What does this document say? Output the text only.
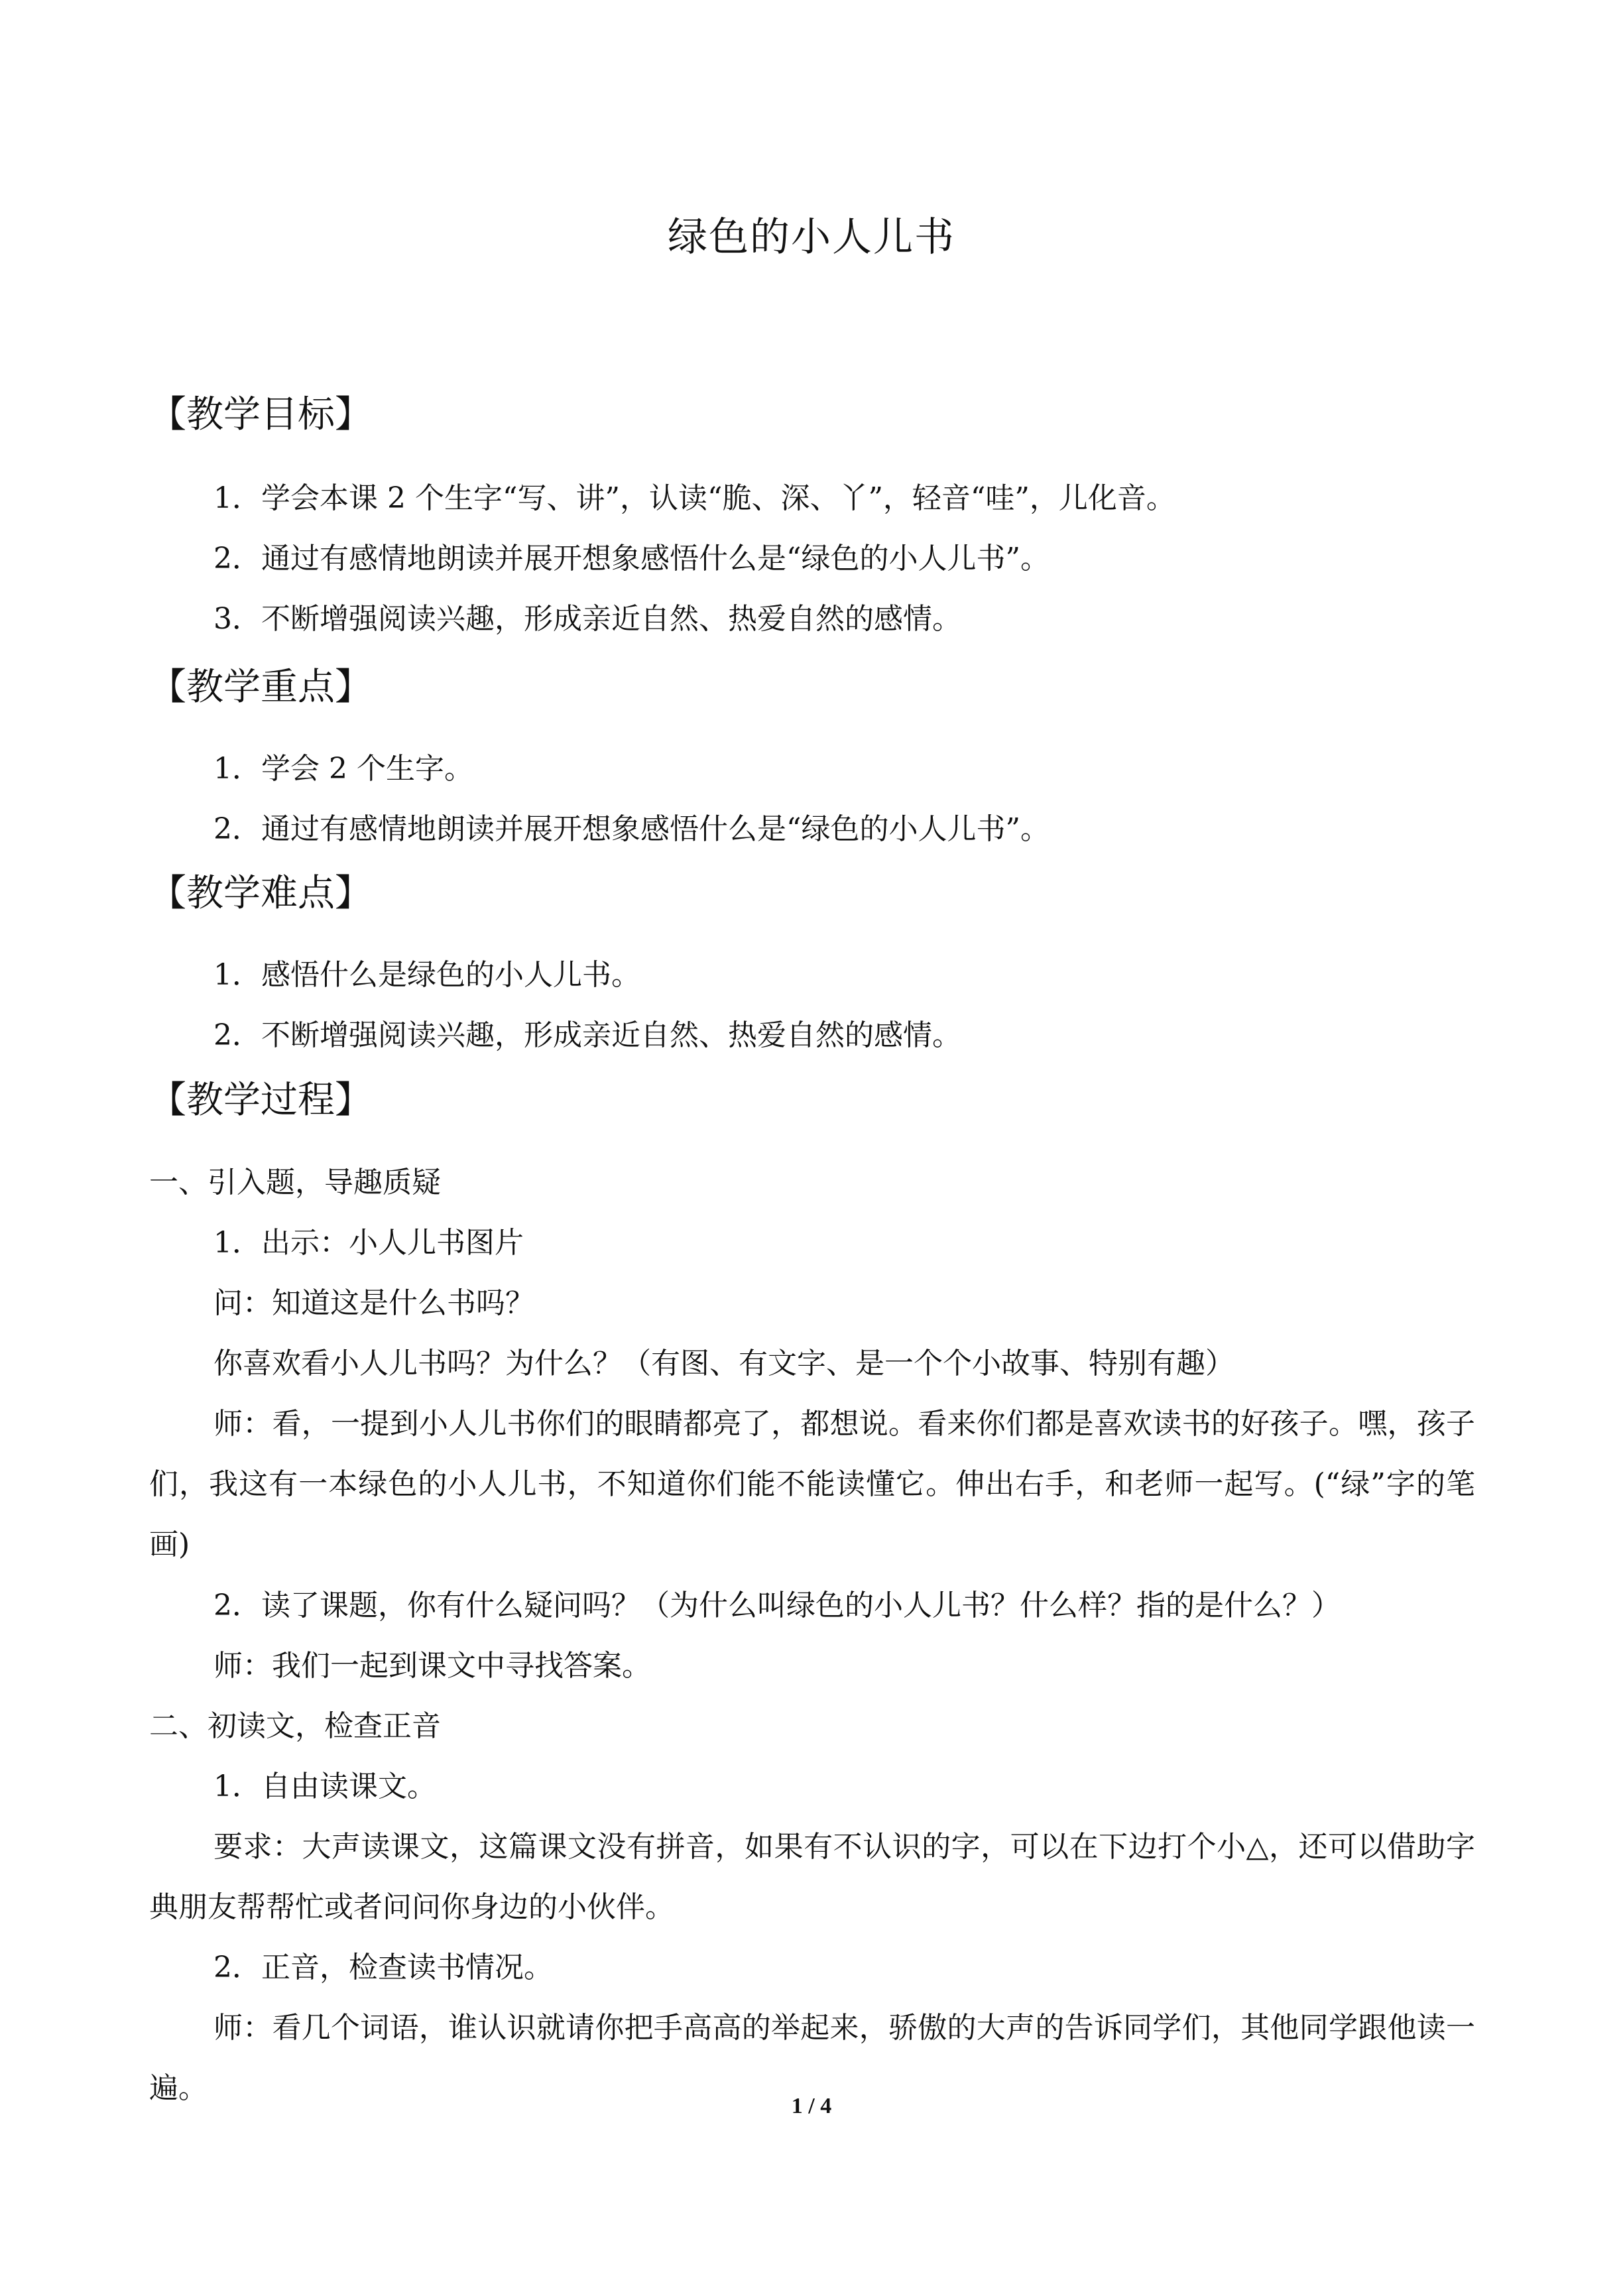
绿色的小人儿书
【教学目标】
1．学会本课 2 个生字“写、讲”，认读“脆、深、丫”，轻音“哇”，儿化音。
2．通过有感情地朗读并展开想象感悟什么是“绿色的小人儿书”。
3．不断增强阅读兴趣，形成亲近自然、热爱自然的感情。
【教学重点】
1．学会 2 个生字。
2．通过有感情地朗读并展开想象感悟什么是“绿色的小人儿书”。
【教学难点】
1．感悟什么是绿色的小人儿书。
2．不断增强阅读兴趣，形成亲近自然、热爱自然的感情。
【教学过程】
一、引入题，导趣质疑
1．出示：小人儿书图片
问：知道这是什么书吗？
你喜欢看小人儿书吗？为什么？（有图、有文字、是一个个小故事、特别有趣）
师：看，一提到小人儿书你们的眼睛都亮了，都想说。看来你们都是喜欢读书的好孩子。嘿，孩子们，我这有一本绿色的小人儿书，不知道你们能不能读懂它。伸出右手，和老师一起写。(“绿”字的笔画)
2．读了课题，你有什么疑问吗？（为什么叫绿色的小人儿书？什么样？指的是什么？）
师：我们一起到课文中寻找答案。
二、初读文，检查正音
1．自由读课文。
要求：大声读课文，这篇课文没有拼音，如果有不认识的字，可以在下边打个小△，还可以借助字典朋友帮帮忙或者问问你身边的小伙伴。
2．正音，检查读书情况。
师：看几个词语，谁认识就请你把手高高的举起来，骄傲的大声的告诉同学们，其他同学跟他读一遍。
1 / 4
